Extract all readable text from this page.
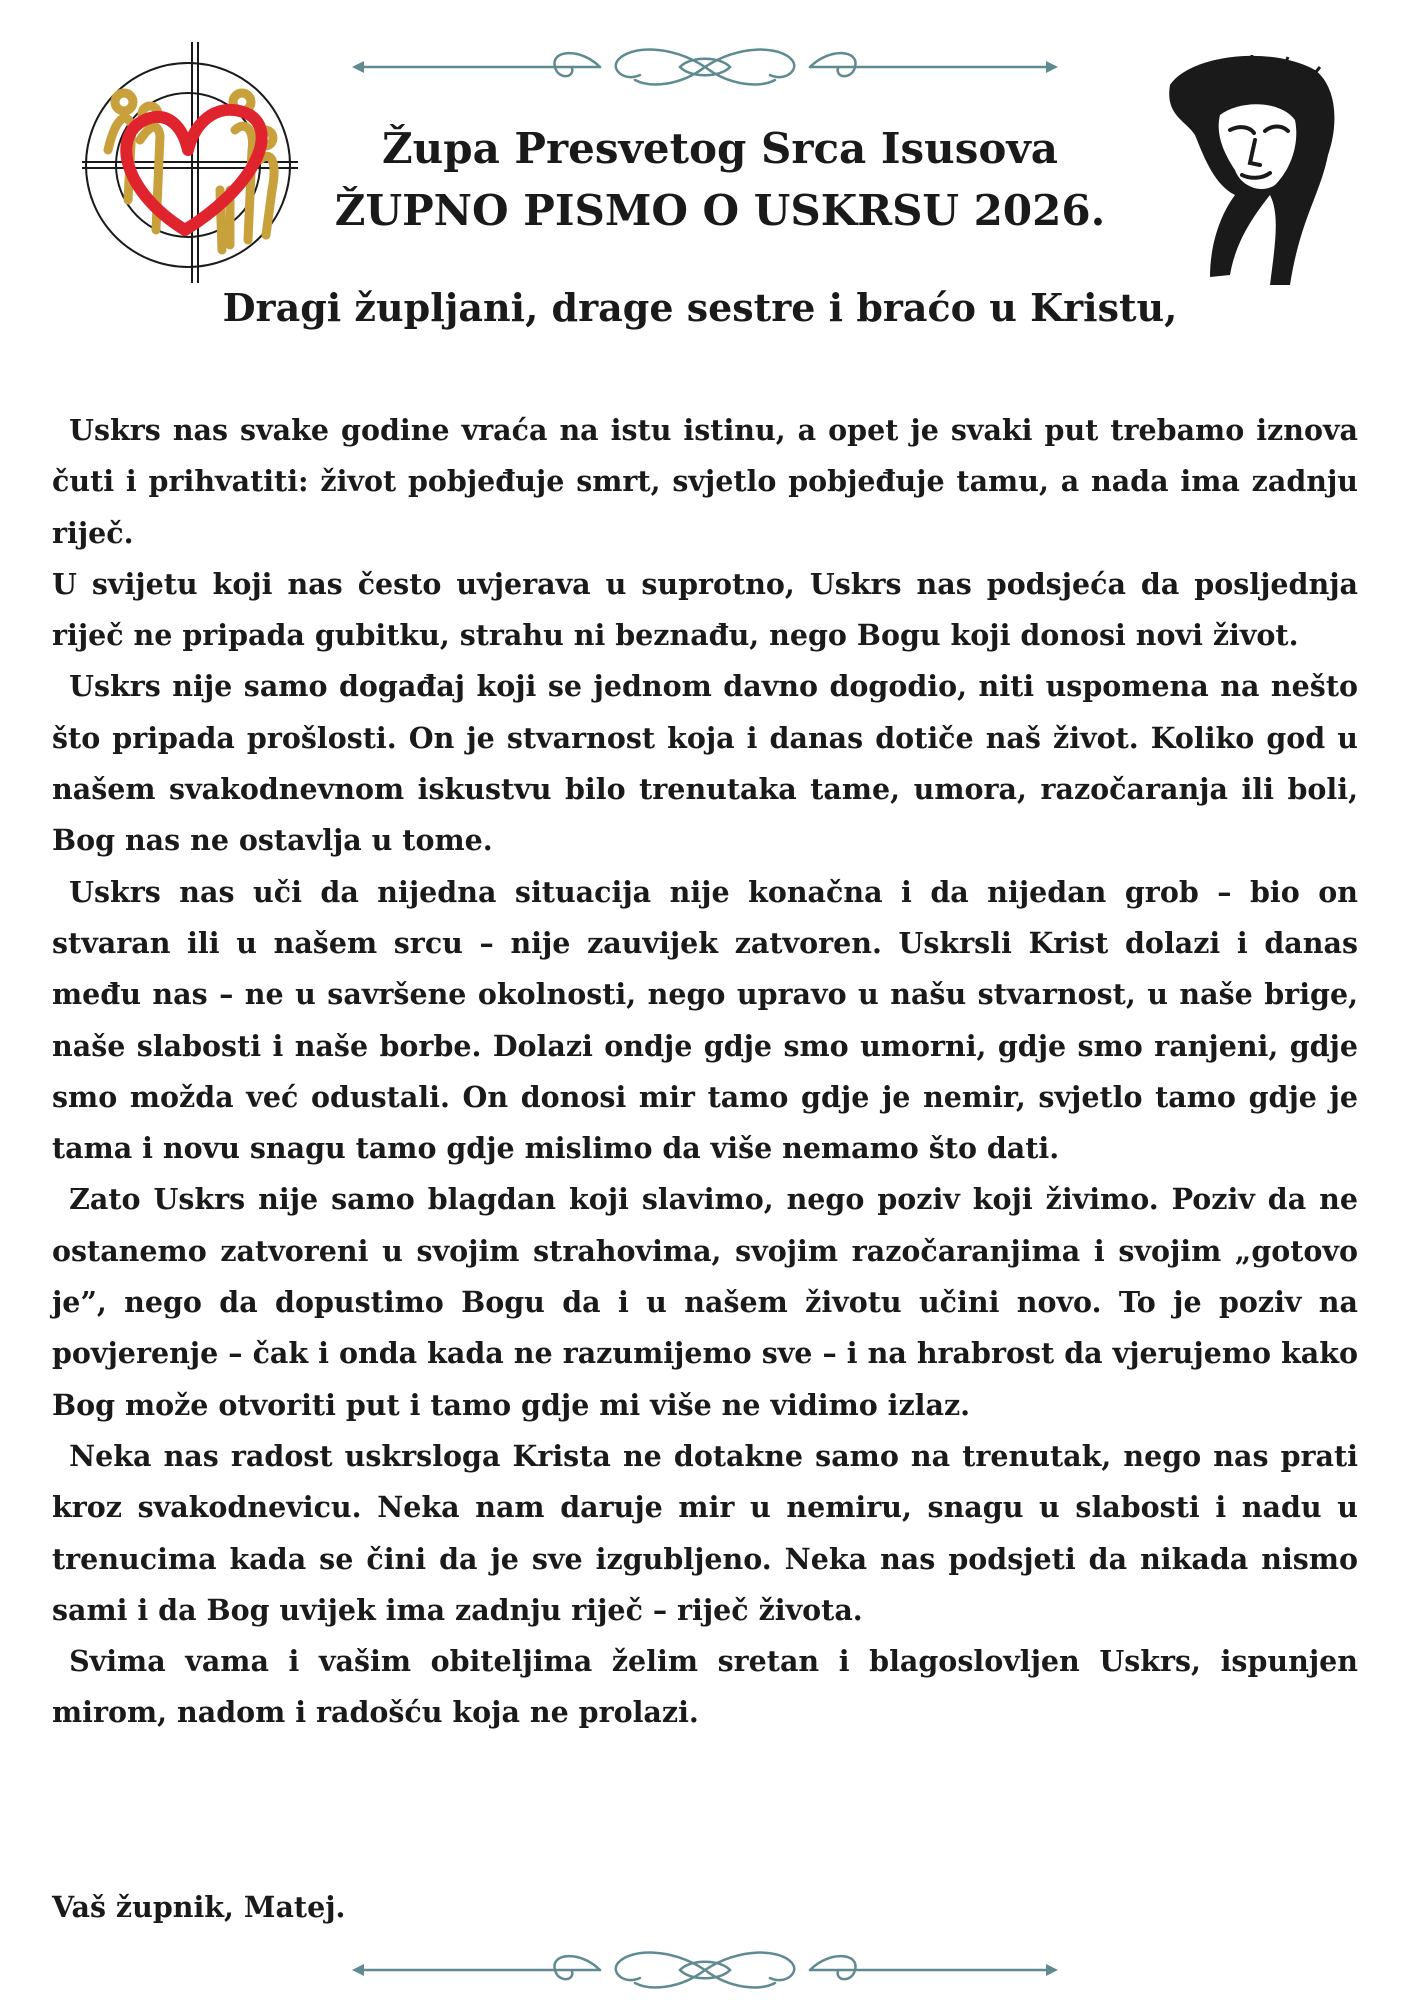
Župa Presvetog Srca Isusova
ŽUPNO PISMO O USKRSU 2026.
Dragi župljani, drage sestre i braćo u Kristu,

Uskrs nas svake godine vraća na istu istinu, a opet je svaki put trebamo iznova čuti i prihvatiti: život pobjeđuje smrt, svjetlo pobjeđuje tamu, a nada ima zadnju riječ.

U svijetu koji nas često uvjerava u suprotno, Uskrs nas podsjeća da posljednja riječ ne pripada gubitku, strahu ni beznađu, nego Bogu koji donosi novi život.

Uskrs nije samo događaj koji se jednom davno dogodio, niti uspomena na nešto što pripada prošlosti. On je stvarnost koja i danas dotiče naš život. Koliko god u našem svakodnevnom iskustvu bilo trenutaka tame, umora, razočaranja ili boli, Bog nas ne ostavlja u tome.

Uskrs nas uči da nijedna situacija nije konačna i da nijedan grob – bio on stvaran ili u našem srcu – nije zauvijek zatvoren. Uskrsli Krist dolazi i danas među nas – ne u savršene okolnosti, nego upravo u našu stvarnost, u naše brige, naše slabosti i naše borbe. Dolazi ondje gdje smo umorni, gdje smo ranjeni, gdje smo možda već odustali. On donosi mir tamo gdje je nemir, svjetlo tamo gdje je tama i novu snagu tamo gdje mislimo da više nemamo što dati.

Zato Uskrs nije samo blagdan koji slavimo, nego poziv koji živimo. Poziv da ne ostanemo zatvoreni u svojim strahovima, svojim razočaranjima i svojim „gotovo je”, nego da dopustimo Bogu da i u našem životu učini novo. To je poziv na povjerenje – čak i onda kada ne razumijemo sve – i na hrabrost da vjerujemo kako Bog može otvoriti put i tamo gdje mi više ne vidimo izlaz.

Neka nas radost uskrsloga Krista ne dotakne samo na trenutak, nego nas prati kroz svakodnevicu. Neka nam daruje mir u nemiru, snagu u slabosti i nadu u trenucima kada se čini da je sve izgubljeno. Neka nas podsjeti da nikada nismo sami i da Bog uvijek ima zadnju riječ – riječ života.

Svima vama i vašim obiteljima želim sretan i blagoslovljen Uskrs, ispunjen mirom, nadom i radošću koja ne prolazi.

Vaš župnik, Matej.
